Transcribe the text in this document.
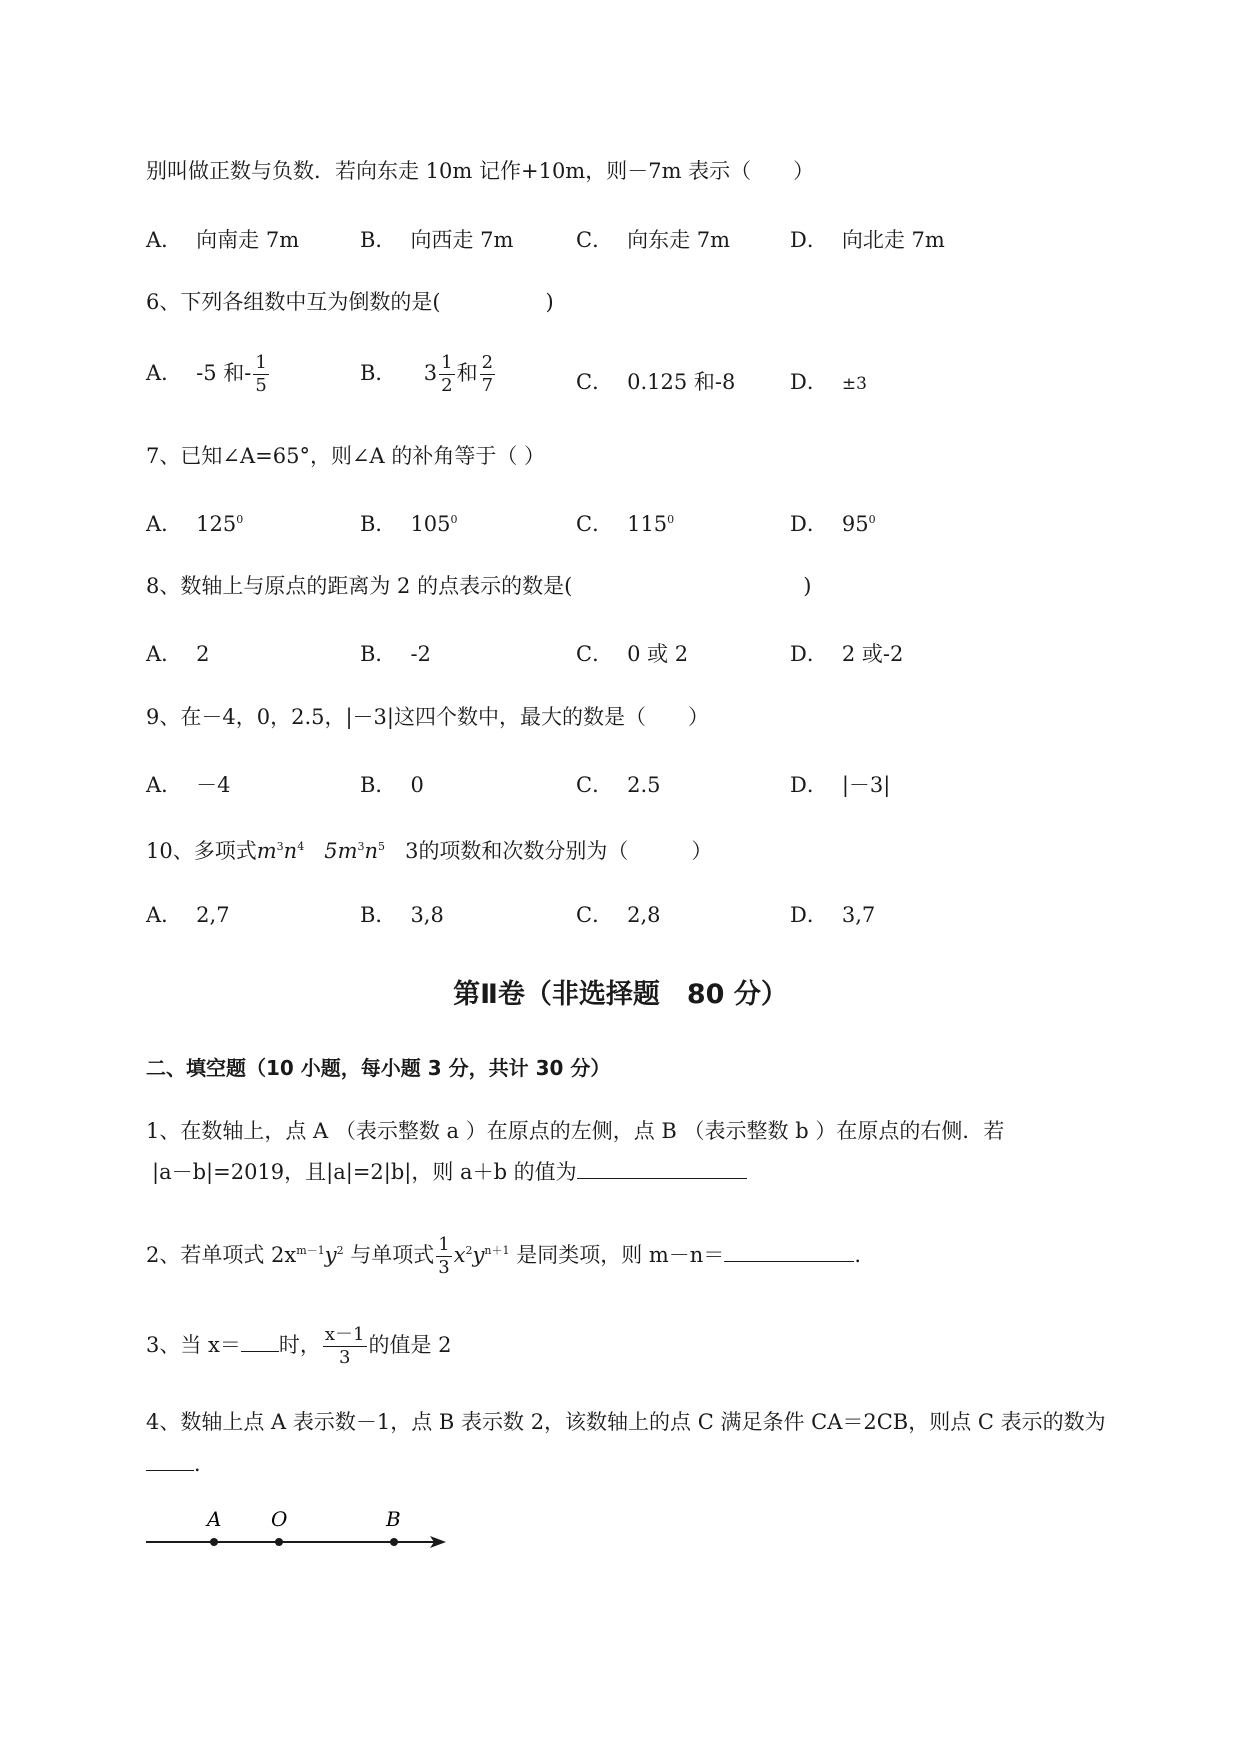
别叫做正数与负数．若向东走 10m 记作+10m，则－7m 表示（　　）
A． 向南走 7m	B． 向西走 7m	C． 向东走 7m	D． 向北走 7m
6、下列各组数中互为倒数的是(　　　　　)
A． -5 和- $\frac{1}{5}$	B． $3 \frac{1}{2}$ 和 $\frac{2}{7}$	C． 0.125 和-8	D． ±3
7、已知∠A=65°，则∠A 的补角等于（ ）
A． $125^0$	B． $105^0$	C． $115^0$	D． $95^0$
8、数轴上与原点的距离为 2 的点表示的数是(　　　　　　　　　　　)
A． 2	B． -2	C． 0 或 2	D． 2 或-2
9、在－4，0，2.5，|－3|这四个数中，最大的数是（　　）
A． －4	B． 0	C． 2.5	D． |－3|
10、多项式$m^3n^4$ $5m^3n^5$ 3的项数和次数分别为（　　　）
A． 2,7	B． 3,8	C． 2,8	D． 3,7
第Ⅱ卷（非选择题　80 分）
二、填空题（10 小题，每小题 3 分，共计 30 分）
1、在数轴上，点 A （表示整数 a ）在原点的左侧，点 B （表示整数 b ）在原点的右侧．若
|a－b|=2019，且|a|=2|b|，则 a＋b 的值为
2、若单项式 $2x^{m-1}y^2$ 与单项式 $\frac{1}{3} x^2y^{n+1}$ 是同类项，则 m－n＝	.
3、当 x＝ 时， $\frac{x-1}{3}$ 的值是 2
4、数轴上点 A 表示数－1，点 B 表示数 2，该数轴上的点 C 满足条件 CA＝2CB，则点 C 表示的数为
．
A O	B
